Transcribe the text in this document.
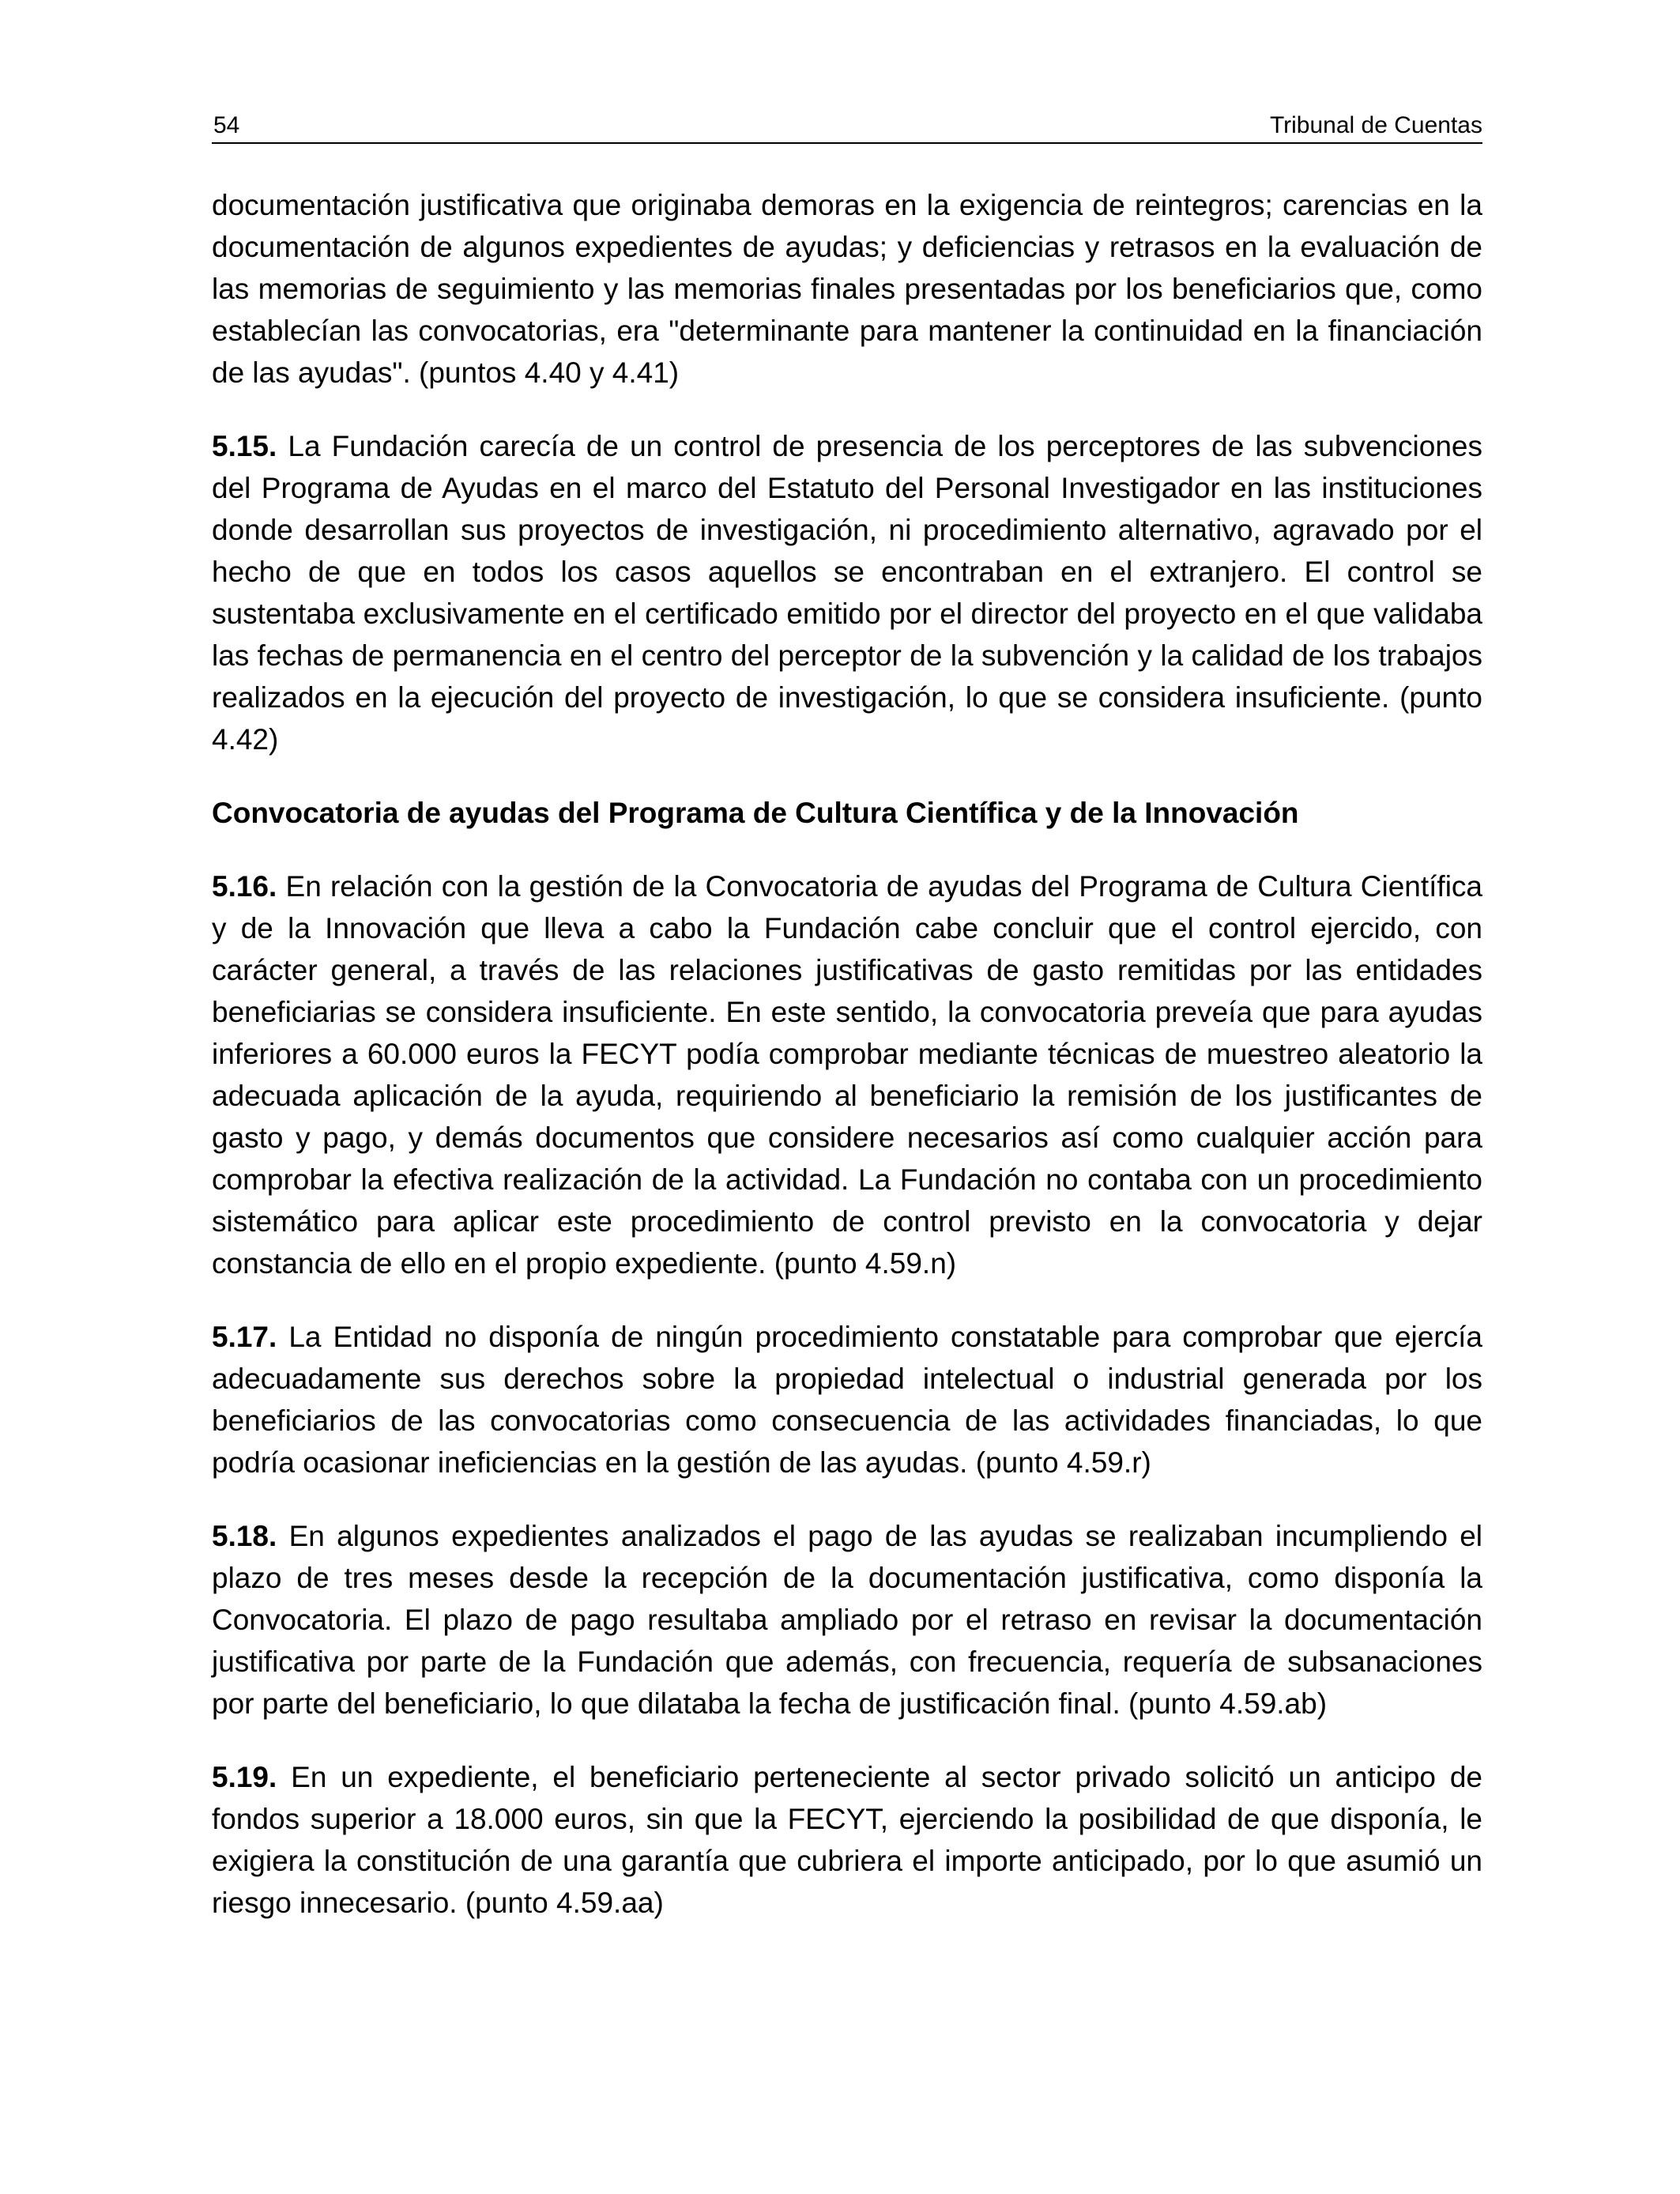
54	Tribunal de Cuentas

documentación justificativa que originaba demoras en la exigencia de reintegros; carencias en la documentación de algunos expedientes de ayudas; y deficiencias y retrasos en la evaluación de las memorias de seguimiento y las memorias finales presentadas por los beneficiarios que, como establecían las convocatorias, era "determinante para mantener la continuidad en la financiación de las ayudas". (puntos 4.40 y 4.41)

5.15. La Fundación carecía de un control de presencia de los perceptores de las subvenciones del Programa de Ayudas en el marco del Estatuto del Personal Investigador en las instituciones donde desarrollan sus proyectos de investigación, ni procedimiento alternativo, agravado por el hecho de que en todos los casos aquellos se encontraban en el extranjero. El control se sustentaba exclusivamente en el certificado emitido por el director del proyecto en el que validaba las fechas de permanencia en el centro del perceptor de la subvención y la calidad de los trabajos realizados en la ejecución del proyecto de investigación, lo que se considera insuficiente. (punto 4.42)

Convocatoria de ayudas del Programa de Cultura Científica y de la Innovación

5.16. En relación con la gestión de la Convocatoria de ayudas del Programa de Cultura Científica y de la Innovación que lleva a cabo la Fundación cabe concluir que el control ejercido, con carácter general, a través de las relaciones justificativas de gasto remitidas por las entidades beneficiarias se considera insuficiente. En este sentido, la convocatoria preveía que para ayudas inferiores a 60.000 euros la FECYT podía comprobar mediante técnicas de muestreo aleatorio la adecuada aplicación de la ayuda, requiriendo al beneficiario la remisión de los justificantes de gasto y pago, y demás documentos que considere necesarios así como cualquier acción para comprobar la efectiva realización de la actividad. La Fundación no contaba con un procedimiento sistemático para aplicar este procedimiento de control previsto en la convocatoria y dejar constancia de ello en el propio expediente. (punto 4.59.n)

5.17. La Entidad no disponía de ningún procedimiento constatable para comprobar que ejercía adecuadamente sus derechos sobre la propiedad intelectual o industrial generada por los beneficiarios de las convocatorias como consecuencia de las actividades financiadas, lo que podría ocasionar ineficiencias en la gestión de las ayudas. (punto 4.59.r)

5.18. En algunos expedientes analizados el pago de las ayudas se realizaban incumpliendo el plazo de tres meses desde la recepción de la documentación justificativa, como disponía la Convocatoria. El plazo de pago resultaba ampliado por el retraso en revisar la documentación justificativa por parte de la Fundación que además, con frecuencia, requería de subsanaciones por parte del beneficiario, lo que dilataba la fecha de justificación final. (punto 4.59.ab)

5.19. En un expediente, el beneficiario perteneciente al sector privado solicitó un anticipo de fondos superior a 18.000 euros, sin que la FECYT, ejerciendo la posibilidad de que disponía, le exigiera la constitución de una garantía que cubriera el importe anticipado, por lo que asumió un riesgo innecesario. (punto 4.59.aa)
